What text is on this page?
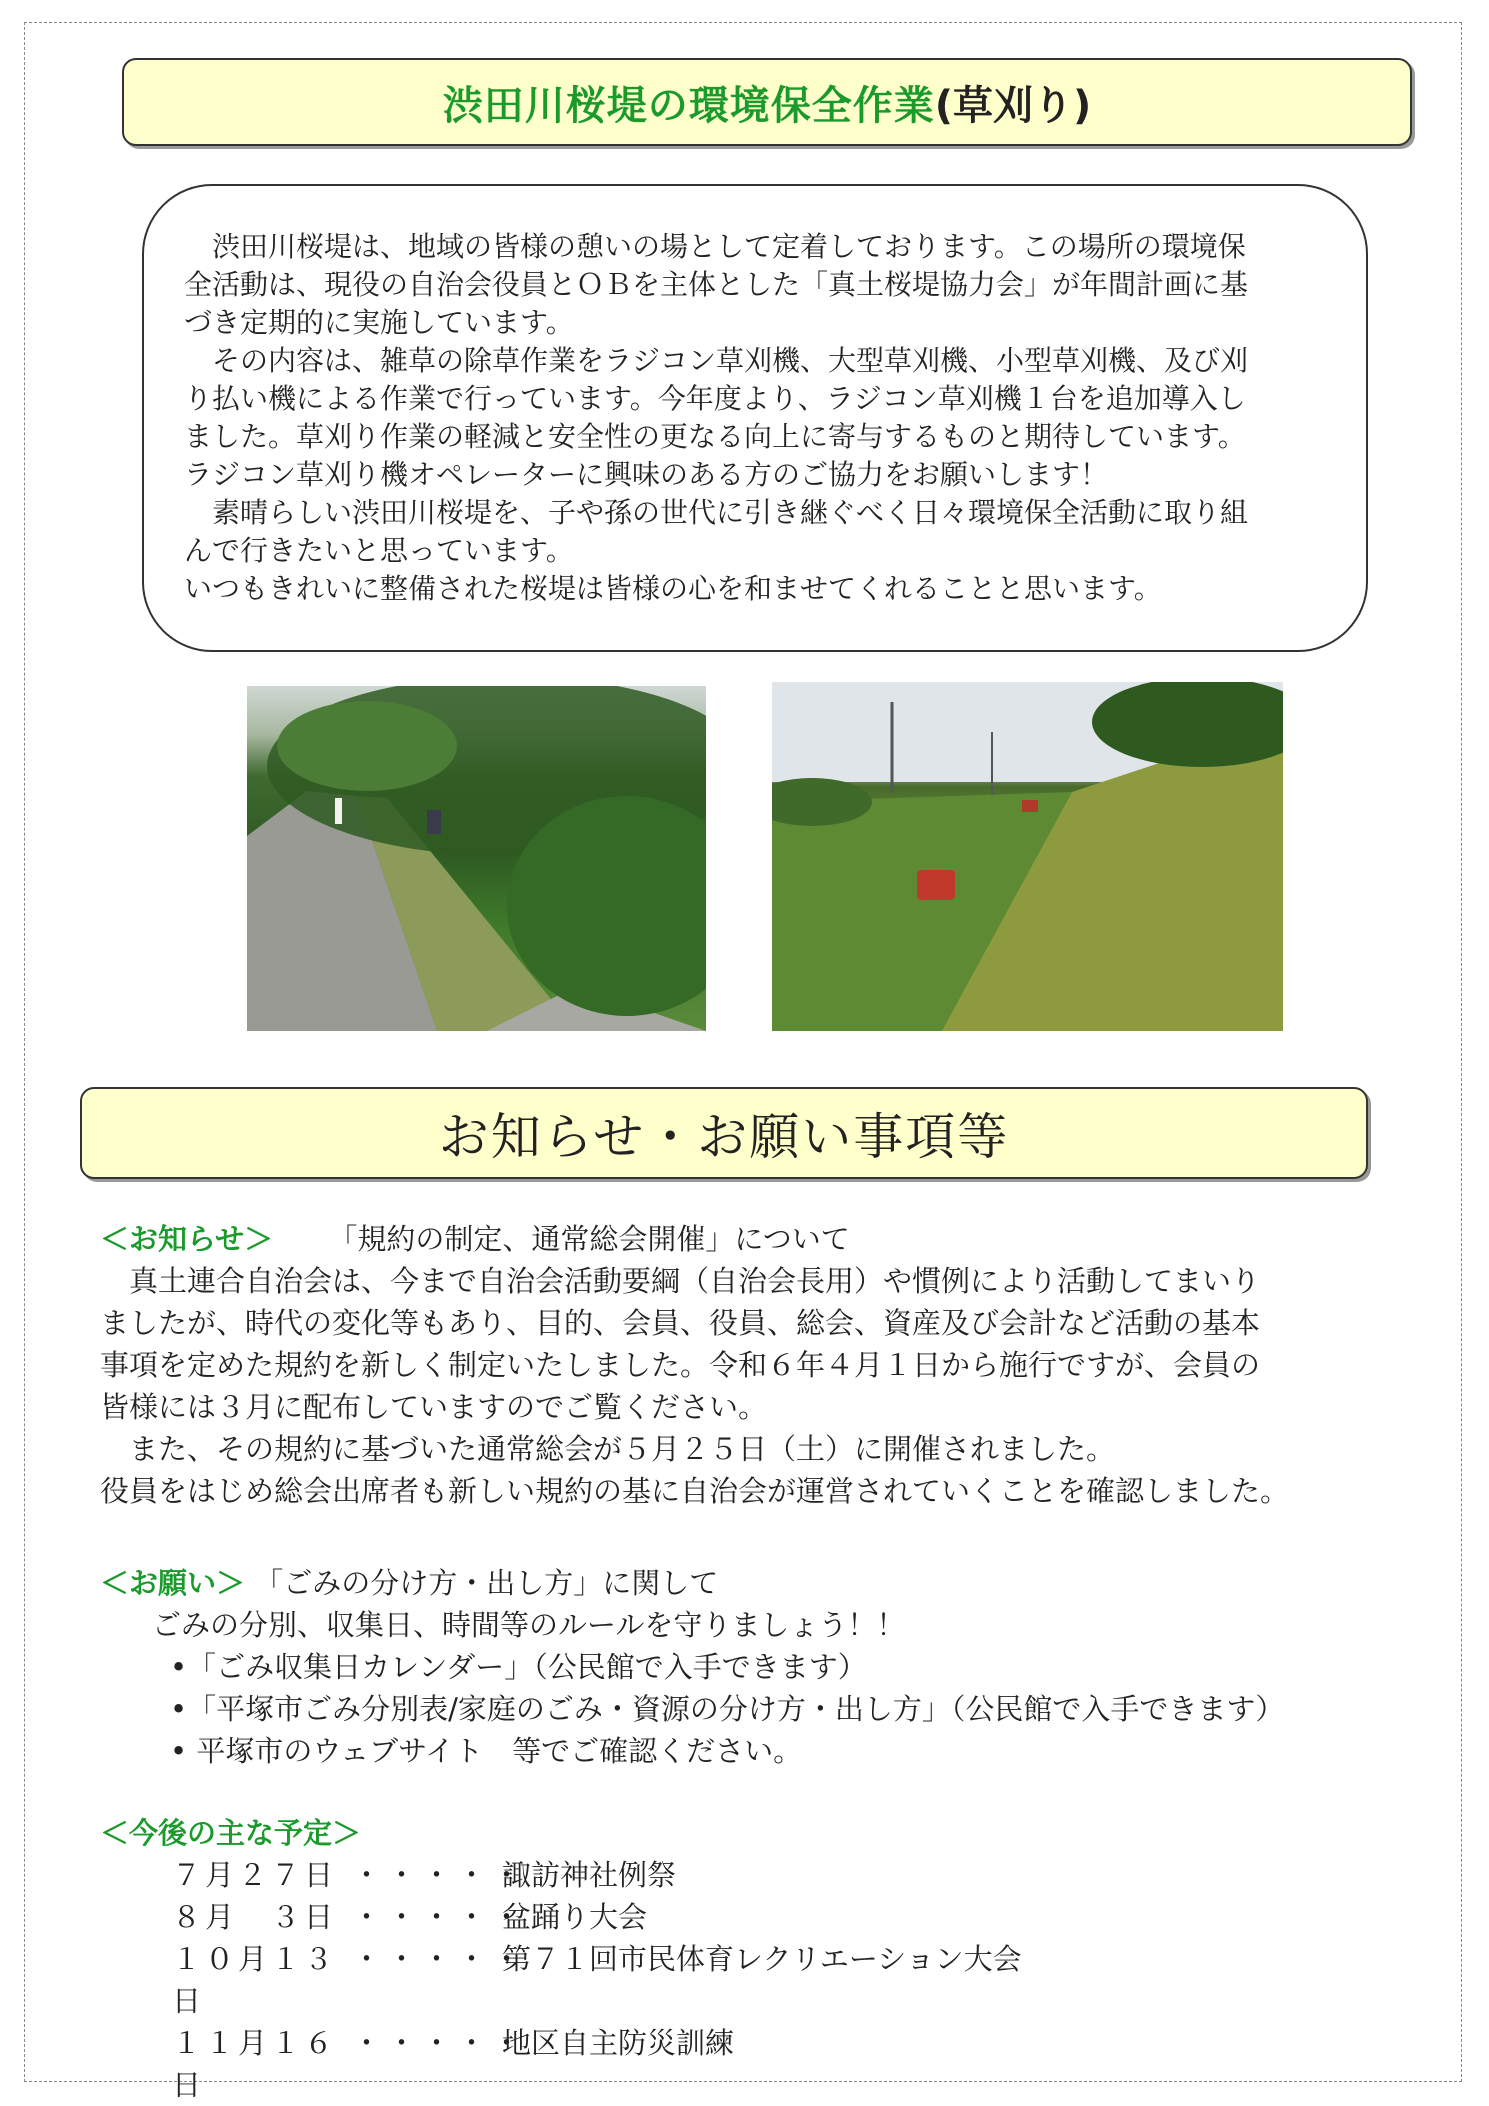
渋田川桜堤の環境保全作業 (草刈り)

　渋田川桜堤は、地域の皆様の憩いの場として定着しております。この場所の環境保

全活動は、現役の自治会役員とＯＢを主体とした「真土桜堤協力会」が年間計画に基

づき定期的に実施しています。

　その内容は、雑草の除草作業をラジコン草刈機、大型草刈機、小型草刈機、及び刈

り払い機による作業で行っています。今年度より、ラジコン草刈機１台を追加導入し

ました。草刈り作業の軽減と安全性の更なる向上に寄与するものと期待しています。

ラジコン草刈り機オペレーターに興味のある方のご協力をお願いします！

　素晴らしい渋田川桜堤を、子や孫の世代に引き継ぐべく日々環境保全活動に取り組

んで行きたいと思っています。

いつもきれいに整備された桜堤は皆様の心を和ませてくれることと思います。

お知らせ・お願い事項等

＜お知らせ＞ 「規約の制定、通常総会開催」について

　真土連合自治会は、今まで自治会活動要綱（自治会長用）や慣例により活動してまいり

ましたが、時代の変化等もあり、目的、会員、役員、総会、資産及び会計など活動の基本

事項を定めた規約を新しく制定いたしました。令和６年４月１日から施行ですが、会員の

皆様には３月に配布していますのでご覧ください。

　また、その規約に基づいた通常総会が５月２５日（土）に開催されました。

役員をはじめ総会出席者も新しい規約の基に自治会が運営されていくことを確認しました。

＜お願い＞ 「ごみの分け方・出し方」に関して

ごみの分別、収集日、時間等のルールを守りましょう！！

•「ごみ収集日カレンダー」（公民館で入手できます）

•「平塚市ごみ分別表/家庭のごみ・資源の分け方・出し方」（公民館で入手できます）

• 平塚市のウェブサイト　等でご確認ください。

＜今後の主な予定＞

７月２７日 ・・・・・
諏訪神社例祭
８月　３日 ・・・・・
盆踊り大会
１０月１３日
・・・・・
第７１回市民体育レクリエーション大会
１１月１６日
・・・・・
地区自主防災訓練
